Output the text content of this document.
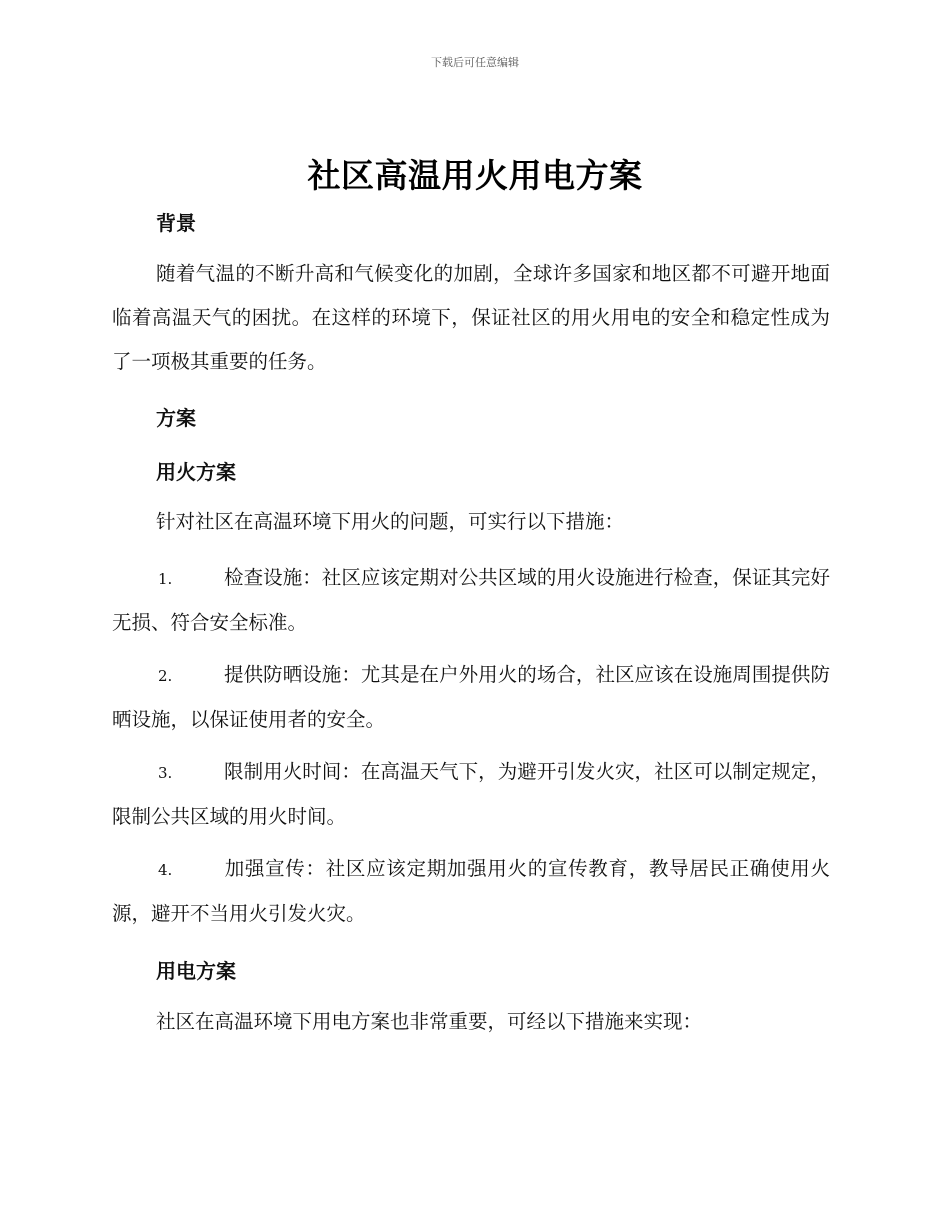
下载后可任意编辑
社区高温用火用电方案
背景
随着气温的不断升高和气候变化的加剧，全球许多国家和地区都不可避开地面临着高温天气的困扰。在这样的环境下，保证社区的用火用电的安全和稳定性成为了一项极其重要的任务。
方案
用火方案
针对社区在高温环境下用火的问题，可实行以下措施：
1.	检查设施：社区应该定期对公共区域的用火设施进行检查，保证其完好无损、符合安全标准。
2.	提供防晒设施：尤其是在户外用火的场合，社区应该在设施周围提供防晒设施，以保证使用者的安全。
3.	限制用火时间：在高温天气下，为避开引发火灾，社区可以制定规定，限制公共区域的用火时间。
4.	加强宣传：社区应该定期加强用火的宣传教育，教导居民正确使用火源，避开不当用火引发火灾。
用电方案
社区在高温环境下用电方案也非常重要，可经以下措施来实现：
